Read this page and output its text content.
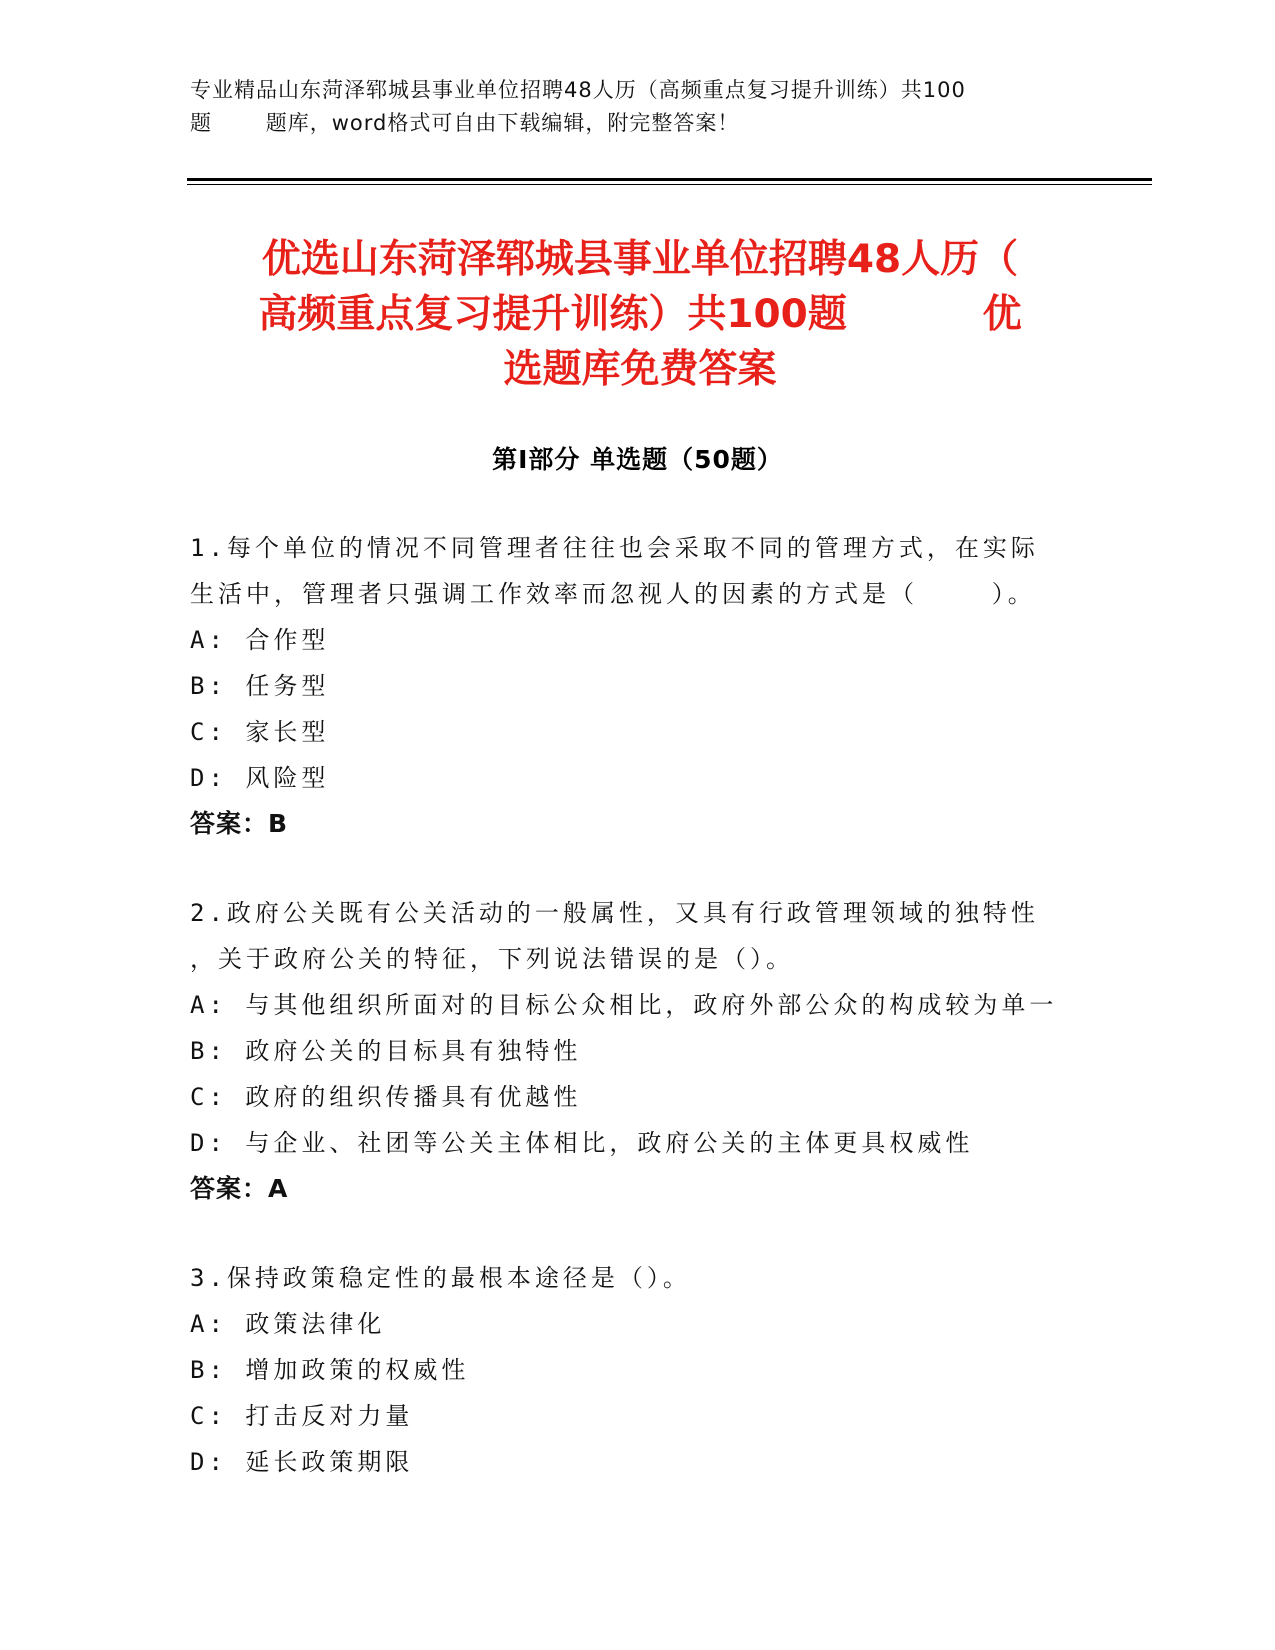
专业精品山东菏泽郓城县事业单位招聘48人历（高频重点复习提升训练）共100
题       题库，word格式可自由下载编辑，附完整答案！
优选山东菏泽郓城县事业单位招聘48人历（
高频重点复习提升训练）共100题          优
选题库免费答案
第Ⅰ部分 单选题（50题）
1.每个单位的情况不同管理者往往也会采取不同的管理方式，在实际
生活中，管理者只强调工作效率而忽视人的因素的方式是（    ）。
A: 合作型
B: 任务型
C: 家长型
D: 风险型
答案：B
2.政府公关既有公关活动的一般属性，又具有行政管理领域的独特性
，关于政府公关的特征，下列说法错误的是（）。
A: 与其他组织所面对的目标公众相比，政府外部公众的构成较为单一
B: 政府公关的目标具有独特性
C: 政府的组织传播具有优越性
D: 与企业、社团等公关主体相比，政府公关的主体更具权威性
答案：A
3.保持政策稳定性的最根本途径是（）。
A: 政策法律化
B: 增加政策的权威性
C: 打击反对力量
D: 延长政策期限
